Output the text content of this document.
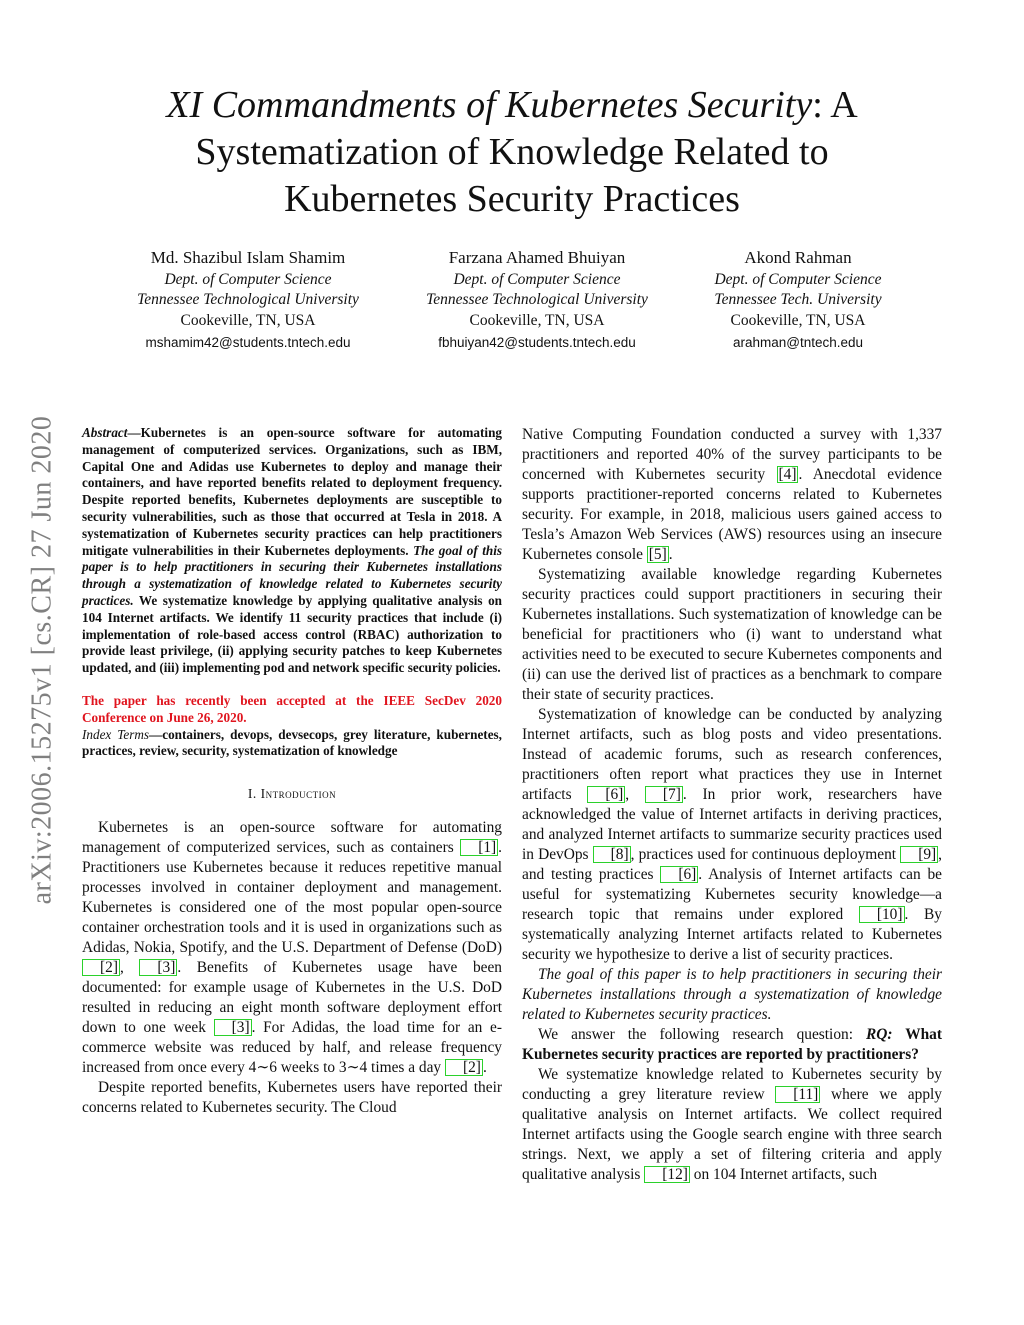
arXiv:2006.15275v1 [cs.CR] 27 Jun 2020
XI Commandments of Kubernetes Security: A
Systematization of Knowledge Related to
Kubernetes Security Practices
Md. Shazibul Islam Shamim
Dept. of Computer Science
Tennessee Technological University
Cookeville, TN, USA
mshamim42@students.tntech.edu
Farzana Ahamed Bhuiyan
Dept. of Computer Science
Tennessee Technological University
Cookeville, TN, USA
fbhuiyan42@students.tntech.edu
Akond Rahman
Dept. of Computer Science
Tennessee Tech. University
Cookeville, TN, USA
arahman@tntech.edu

Abstract—Kubernetes is an open-source software for automating management of computerized services. Organizations, such as IBM, Capital One and Adidas use Kubernetes to deploy and manage their containers, and have reported benefits related to deployment frequency. Despite reported benefits, Kubernetes deployments are susceptible to security vulnerabilities, such as those that occurred at Tesla in 2018. A systematization of Kubernetes security practices can help practitioners mitigate vulnerabilities in their Kubernetes deployments. The goal of this paper is to help practitioners in securing their Kubernetes installations through a systematization of knowledge related to Kubernetes security practices. We systematize knowledge by applying qualitative analysis on 104 Internet artifacts. We identify 11 security practices that include (i) implementation of role-based access control (RBAC) authorization to provide least privilege, (ii) applying security patches to keep Kubernetes updated, and (iii) implementing pod and network specific security policies.

The paper has recently been accepted at the IEEE SecDev 2020 Conference on June 26, 2020.

Index Terms—containers, devops, devsecops, grey literature, kubernetes, practices, review, security, systematization of knowledge

I. Introduction

Kubernetes is an open-source software for automating management of computerized services, such as containers [1] . Practitioners use Kubernetes because it reduces repetitive manual processes involved in container deployment and management. Kubernetes is considered one of the most popular open-source container orchestration tools and it is used in organizations such as Adidas, Nokia, Spotify, and the U.S. Department of Defense (DoD) [2] , [3] . Benefits of Kubernetes usage have been documented: for example usage of Kubernetes in the U.S. DoD resulted in reducing an eight month software deployment effort down to one week [3] . For Adidas, the load time for an e-commerce website was reduced by half, and release frequency increased from once every 4∼6 weeks to 3∼4 times a day [2] .

Despite reported benefits, Kubernetes users have reported their concerns related to Kubernetes security. The Cloud

Native Computing Foundation conducted a survey with 1,337 practitioners and reported 40% of the survey participants to be concerned with Kubernetes security [4] . Anecdotal evidence supports practitioner-reported concerns related to Kubernetes security. For example, in 2018, malicious users gained access to Tesla’s Amazon Web Services (AWS) resources using an insecure Kubernetes console [5] .

Systematizing available knowledge regarding Kubernetes security practices could support practitioners in securing their Kubernetes installations. Such systematization of knowledge can be beneficial for practitioners who (i) want to understand what activities need to be executed to secure Kubernetes components and (ii) can use the derived list of practices as a benchmark to compare their state of security practices.

Systematization of knowledge can be conducted by analyzing Internet artifacts, such as blog posts and video presentations. Instead of academic forums, such as research conferences, practitioners often report what practices they use in Internet artifacts [6] , [7] . In prior work, researchers have acknowledged the value of Internet artifacts in deriving practices, and analyzed Internet artifacts to summarize security practices used in DevOps [8] , practices used for continuous deployment [9] , and testing practices [6] . Analysis of Internet artifacts can be useful for systematizing Kubernetes security knowledge—a research topic that remains under explored [10] . By systematically analyzing Internet artifacts related to Kubernetes security we hypothesize to derive a list of security practices.

The goal of this paper is to help practitioners in securing their Kubernetes installations through a systematization of knowledge related to Kubernetes security practices.

We answer the following research question: RQ: What Kubernetes security practices are reported by practitioners?

We systematize knowledge related to Kubernetes security by conducting a grey literature review [11] where we apply qualitative analysis on Internet artifacts. We collect required Internet artifacts using the Google search engine with three search strings. Next, we apply a set of filtering criteria and apply qualitative analysis [12] on 104 Internet artifacts, such
